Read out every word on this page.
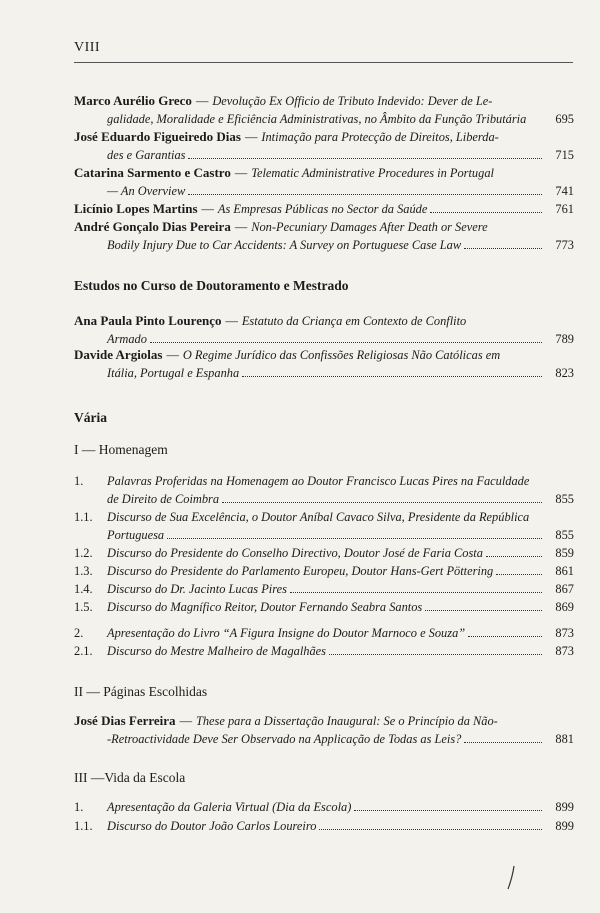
VIII
Marco Aurélio Greco — Devolução Ex Officio de Tributo Indevido: Dever de Le-
galidade, Moralidade e Eficiência Administrativas, no Âmbito da Função Tributária	695
José Eduardo Figueiredo Dias — Intimação para Protecção de Direitos, Liberda-
des e Garantias	715
Catarina Sarmento e Castro — Telematic Administrative Procedures in Portugal
— An Overview	741
Licínio Lopes Martins — As Empresas Públicas no Sector da Saúde	761
André Gonçalo Dias Pereira — Non-Pecuniary Damages After Death or Severe
Bodily Injury Due to Car Accidents: A Survey on Portuguese Case Law	773
Estudos no Curso de Doutoramento e Mestrado
Ana Paula Pinto Lourenço — Estatuto da Criança em Contexto de Conflito
Armado	789
Davide Argiolas — O Regime Jurídico das Confissões Religiosas Não Católicas em
Itália, Portugal e Espanha	823
Vária
I — Homenagem
1. Palavras Proferidas na Homenagem ao Doutor Francisco Lucas Pires na Faculdade
de Direito de Coimbra	855
1.1. Discurso de Sua Excelência, o Doutor Aníbal Cavaco Silva, Presidente da República
Portuguesa	855
1.2. Discurso do Presidente do Conselho Directivo, Doutor José de Faria Costa	859
1.3. Discurso do Presidente do Parlamento Europeu, Doutor Hans-Gert Pöttering	861
1.4. Discurso do Dr. Jacinto Lucas Pires	867
1.5. Discurso do Magnífico Reitor, Doutor Fernando Seabra Santos	869
2. Apresentação do Livro “A Figura Insigne do Doutor Marnoco e Souza”	873
2.1. Discurso do Mestre Malheiro de Magalhães	873
II — Páginas Escolhidas
José Dias Ferreira — These para a Dissertação Inaugural: Se o Princípio da Não-
-Retroactividade Deve Ser Observado na Applicação de Todas as Leis?	881
III —Vida da Escola
1. Apresentação da Galeria Virtual (Dia da Escola)	899
1.1. Discurso do Doutor João Carlos Loureiro	899
